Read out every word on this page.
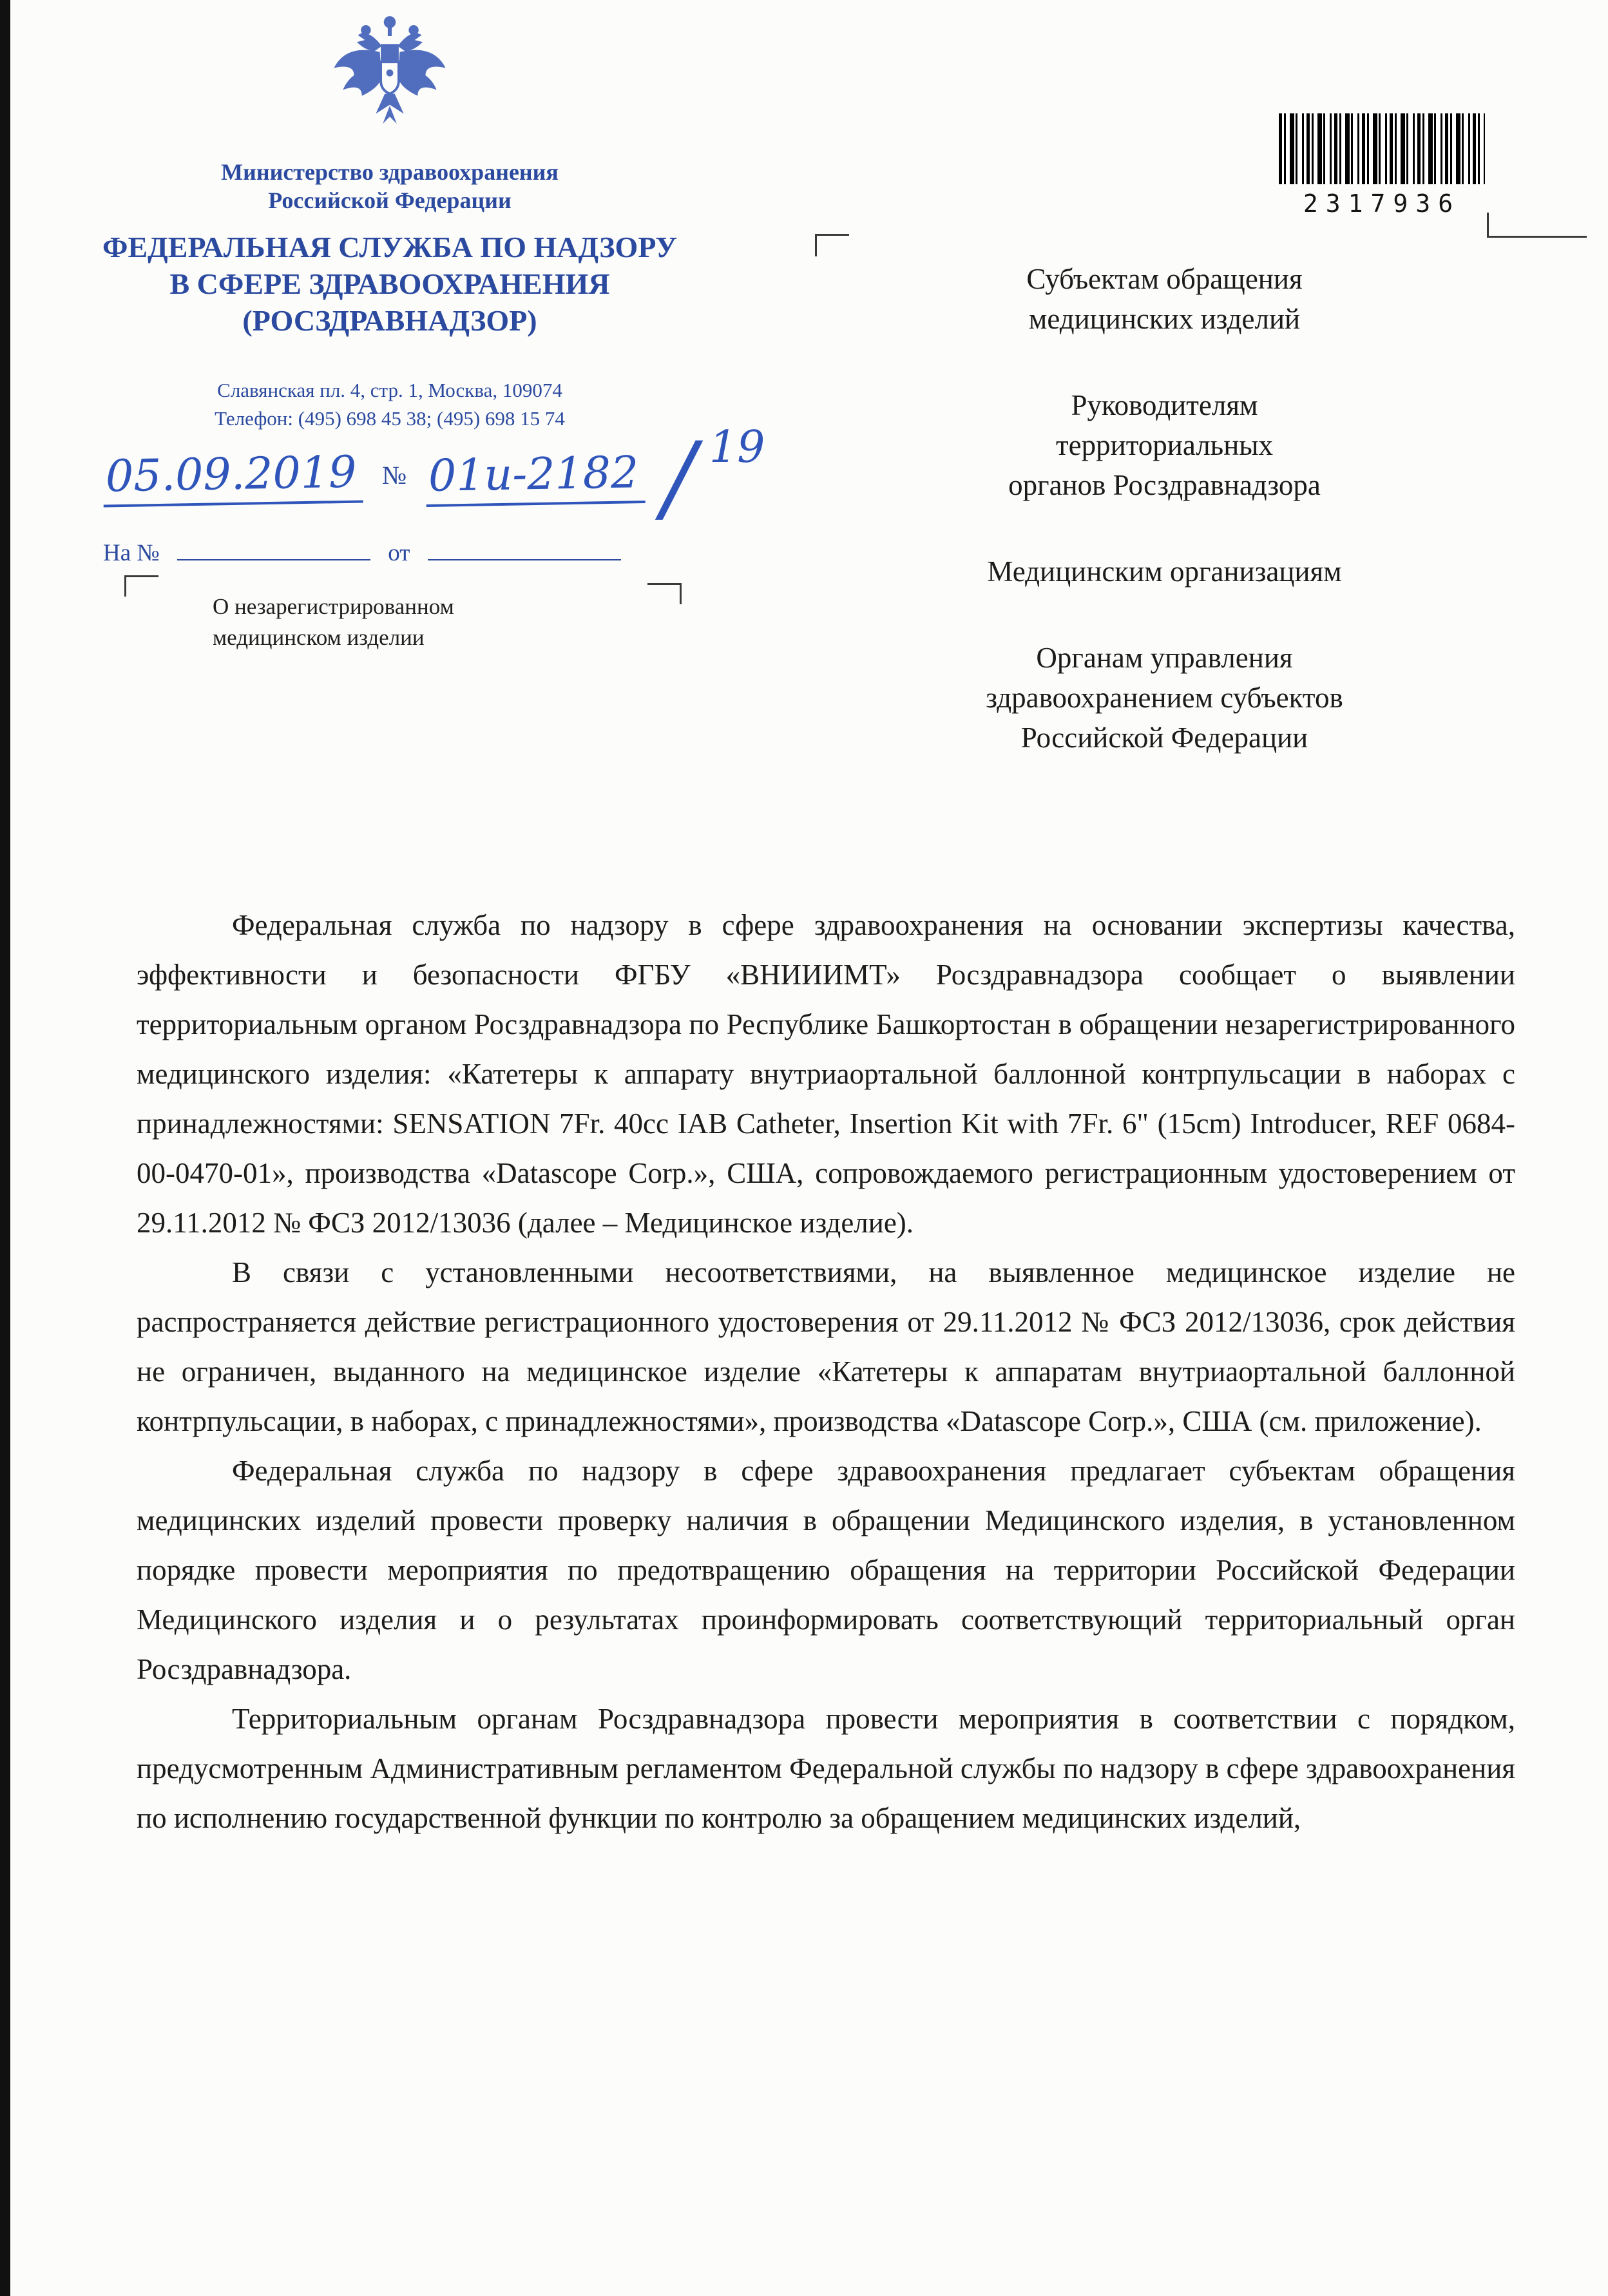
Министерство здравоохранения
Российской Федерации
ФЕДЕРАЛЬНАЯ СЛУЖБА ПО НАДЗОРУ
В СФЕРЕ ЗДРАВООХРАНЕНИЯ
(РОСЗДРАВНАДЗОР)
Славянская пл. 4, стр. 1, Москва, 109074
Телефон: (495) 698 45 38; (495) 698 15 74
05.09.2019 № 01и-2182 / 19
На №	от
О незарегистрированном
медицинском изделии
2317936
Субъектам обращения
медицинских изделий
Руководителям
территориальных
органов Росздравнадзора
Медицинским организациям
Органам управления
здравоохранением субъектов
Российской Федерации

Федеральная служба по надзору в сфере здравоохранения на основании экспертизы качества, эффективности и безопасности ФГБУ «ВНИИИМТ» Росздравнадзора сообщает о выявлении территориальным органом Росздравнадзора по Республике Башкортостан в обращении незарегистрированного медицинского изделия: «Катетеры к аппарату внутриаортальной баллонной контрпульсации в наборах с принадлежностями: SENSATION 7Fr. 40cc IAB Catheter, Insertion Kit with 7Fr. 6" (15cm) Introducer, REF 0684-00-0470-01», производства «Datascope Corp.», США, сопровождаемого регистрационным удостоверением от 29.11.2012 № ФСЗ 2012/13036 (далее – Медицинское изделие).

В связи с установленными несоответствиями, на выявленное медицинское изделие не распространяется действие регистрационного удостоверения от 29.11.2012 № ФСЗ 2012/13036, срок действия не ограничен, выданного на медицинское изделие «Катетеры к аппаратам внутриаортальной баллонной контрпульсации, в наборах, с принадлежностями», производства «Datascope Corp.», США (см. приложение).

Федеральная служба по надзору в сфере здравоохранения предлагает субъектам обращения медицинских изделий провести проверку наличия в обращении Медицинского изделия, в установленном порядке провести мероприятия по предотвращению обращения на территории Российской Федерации Медицинского изделия и о результатах проинформировать соответствующий территориальный орган Росздравнадзора.

Территориальным органам Росздравнадзора провести мероприятия в соответствии с порядком, предусмотренным Административным регламентом Федеральной службы по надзору в сфере здравоохранения по исполнению государственной функции по контролю за обращением медицинских изделий,
